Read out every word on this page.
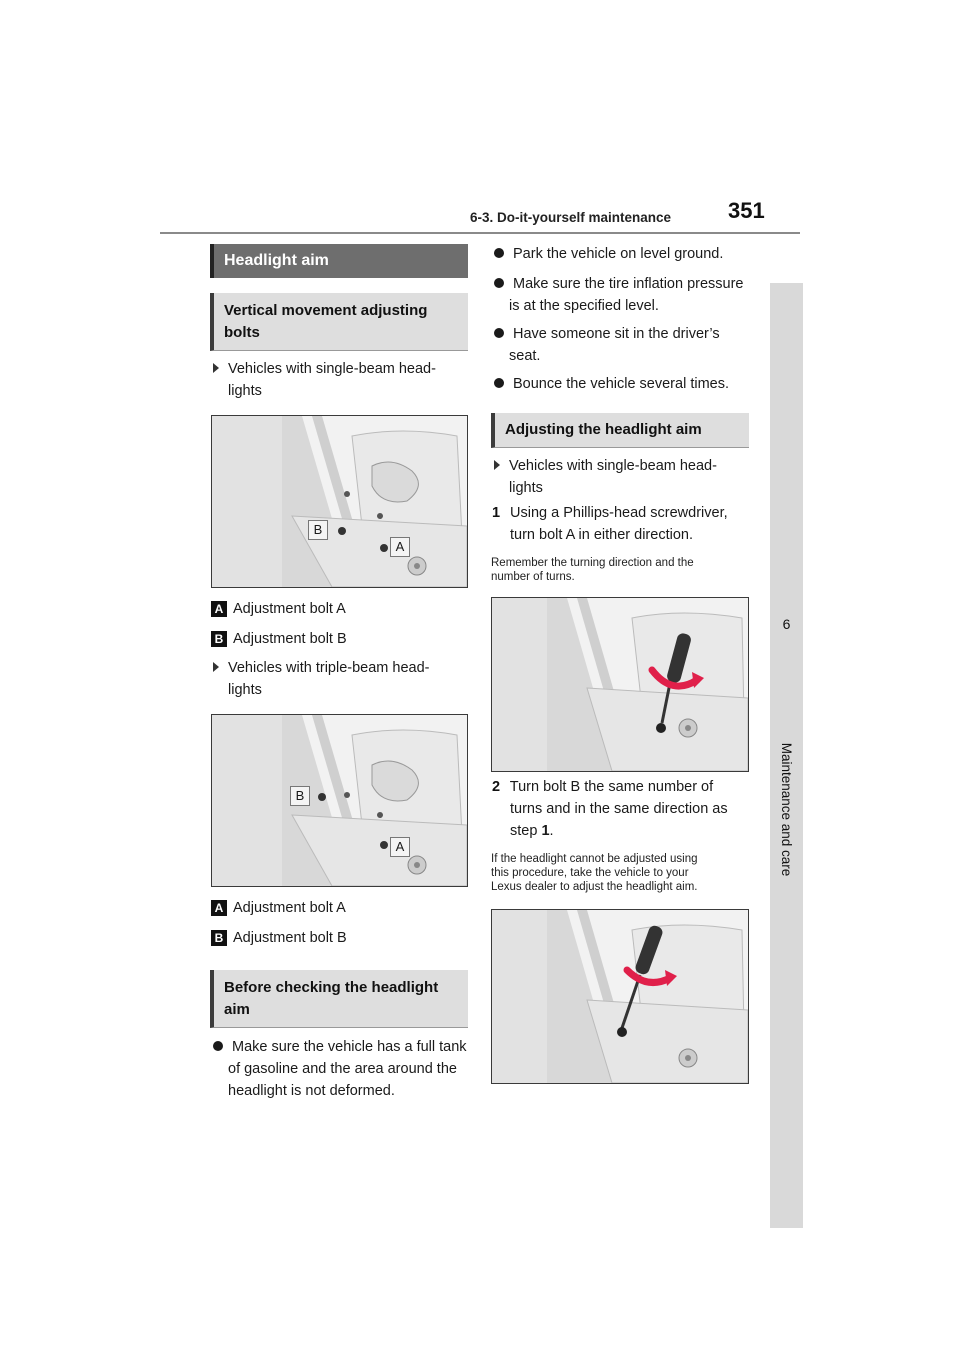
6-3. Do-it-yourself maintenance	351
6
Maintenance and care
Headlight aim
Vertical movement adjusting
bolts
Vehicles with single-beam head-
lights
B
A
A Adjustment bolt A
B Adjustment bolt B
Vehicles with triple-beam head-
lights
B
A
A Adjustment bolt A
B Adjustment bolt B
Before checking the headlight
aim
Make sure the vehicle has a full tank
of gasoline and the area around the
headlight is not deformed.
Park the vehicle on level ground.
Make sure the tire inflation pressure
is at the specified level.
Have someone sit in the driver’s
seat.
Bounce the vehicle several times.
Adjusting the headlight aim
Vehicles with single-beam head-
lights
1 Using a Phillips-head screwdriver,
turn bolt A in either direction.
Remember the turning direction and the
number of turns.
2 Turn bolt B the same number of
turns and in the same direction as
step 1.
If the headlight cannot be adjusted using
this procedure, take the vehicle to your
Lexus dealer to adjust the headlight aim.
